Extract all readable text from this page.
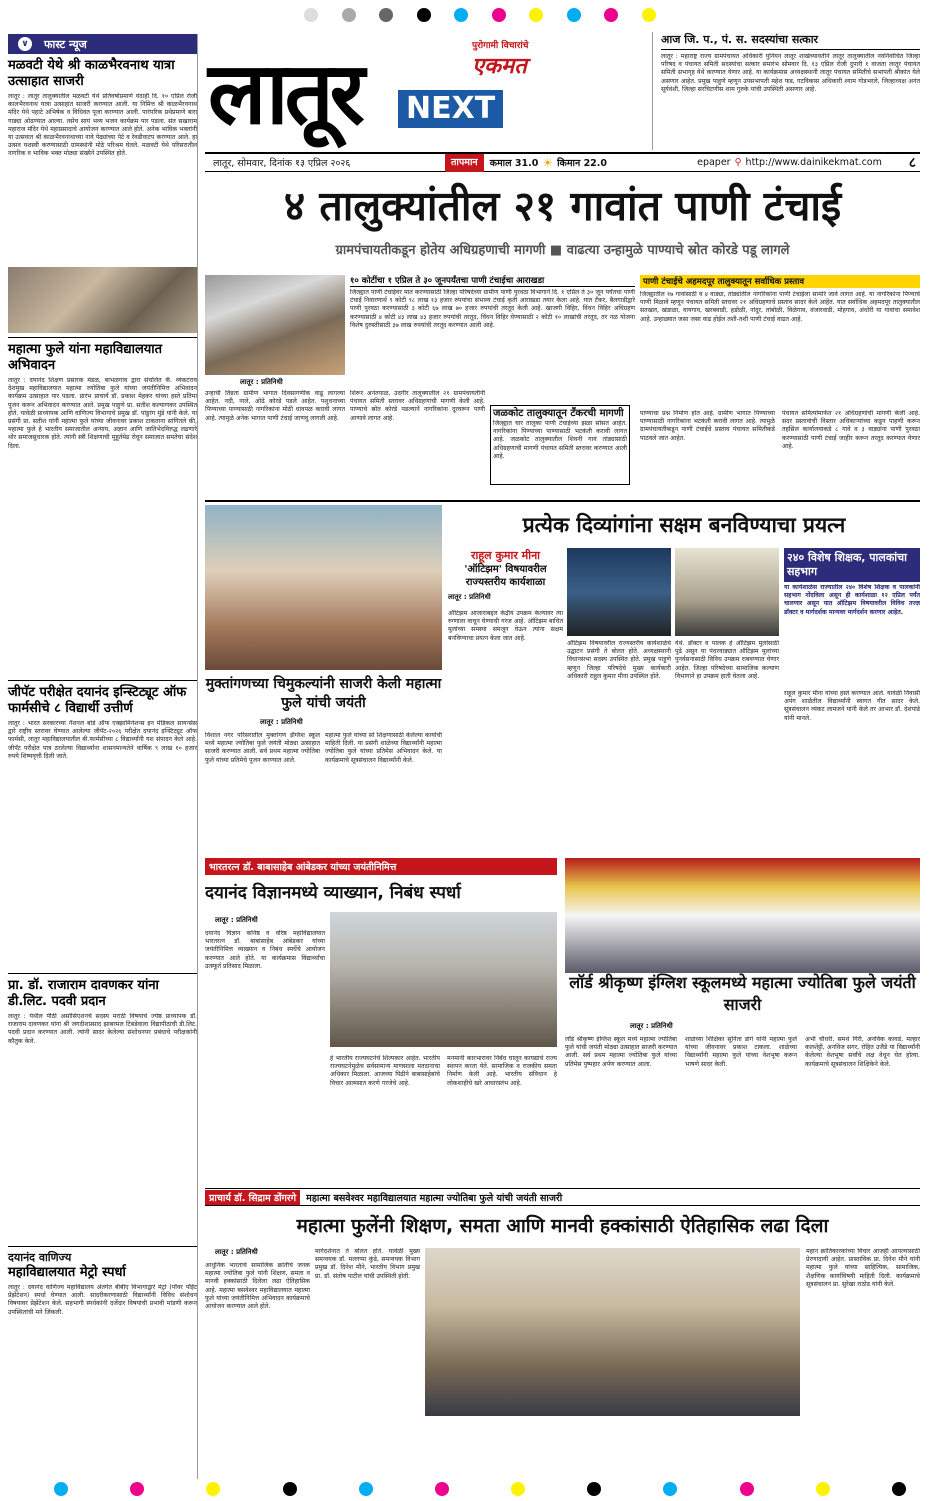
∨	फास्ट न्यूज
मळवटी येथे श्री काळभैरवनाथ यात्रा उत्साहात साजरी
लातूर : लातूर तालुक्यातील मळवटी येथे प्रतिवर्षाप्रमाणे यंदाही दि. १० एप्रिल रोजी कालभैरवनाथ यात्रा उत्साहात साजरी करण्यात आली. या निमित्त श्री काळभैरवनाथ मंदिर येथे पहाटे अभिषेक व विधिवत पूजा करण्यात आली. पारंपरिक प्रथेप्रमाणे बारा गाड्या ओढण्यात आल्या. तसेच सायं भव्य भजन कार्यक्रम पार पडला. संत सखाराम महाराज मंदिर येथे महाप्रसादाचे आयोजन करण्यात आले होते. अनेक भाविक भक्तांनी या उत्सवात श्री काळभैरवनाथाच्या नावे पेढ्यांच्या पेटे व रेवडीवाटप करण्यात आले. हा उत्सव यशस्वी करण्यासाठी ग्रामस्थांनी मोठे परिश्रम घेतले. मळवटी येथे परिसरातील नागरिक व भाविक भक्त मोठ्या संख्येने उपस्थित होते.
महात्मा फुले यांना महाविद्यालयात अभिवादन
लातूर : दयानंद शिक्षण प्रसारक मंडळ, बाभळगाव द्वारा संचलित कॅ. व्यंकटराव देशमुख महाविद्यालयात महात्मा ज्योतिबा फुले यांच्या जयंतीनिमित्त अभिवादन कार्यक्रम उत्साहात पार पडला. प्रारंभ प्राचार्य डॉ. प्रकाश मेहकर यांच्या हस्ते प्रतिमा पूजन करून अभिवादन करण्यात आले. प्रमुख पाहुणे प्रा. सतीश कल्याणकर उपस्थित होते. यावेळी प्राध्यापक आणि वाणिज्य विभागाचे प्रमुख डॉ. पांडुरंग मुंडे यांनी केले. या प्रसंगी प्रा. सतीश यांनी महात्मा फुले यांच्या जीवनावर प्रकाश टाकताना सांगितले की, महात्मा फुले हे भारतीय समाजातील अन्याय, अज्ञान आणि जातिभेदविरुद्ध लढणारे थोर समाजसुधारक होते. त्यांनी स्त्री शिक्षणाची मुहूर्तमेढ रोवून समाजात समतेचा संदेश दिला.
जीपॅट परीक्षेत दयानंद इन्स्टिट्यूट ऑफ फार्मसीचे ८ विद्यार्थी उत्तीर्ण
लातूर : भारत सरकारच्या नॅशनल बोर्ड ऑफ एक्झामिनेशन्स इन मेडिकल सायन्सेस द्वारे राष्ट्रीय स्तरावर घेण्यात आलेल्या जीपॅट-२०२६ परीक्षेत दयानंद इन्स्टिट्यूट ऑफ फार्मसी, लातूर महाविद्यालयातील बी.फार्मसीच्या ८ विद्यार्थ्यांनी यश संपादन केले आहे. जीपॅट परीक्षेत पात्र ठरलेल्या विद्यार्थ्यांना शासनमान्यतेने वार्षिक ९ लाख १० हजार रुपये शिष्यवृत्ती दिली जाते.
प्रा. डॉ. राजाराम दावणकर यांना डी.लिट. पदवी प्रदान
लातूर : येथील पीठी असोसिएशनचे सदस्य मराठी विषयाचे ज्येष्ठ प्राध्यापक डॉ. राजाराम दावणकर यांना श्री जगदीशप्रसाद झाबरमल टिबडेवाला विद्यापीठाची डी.लिट. पदवी प्रदान करण्यात आली. त्यांनी सादर केलेल्या संशोधनपर प्रबंधाचे परीक्षकांनी कौतुक केले.
दयानंद वाणिज्य
महाविद्यालयात मेट्रो स्पर्धा
लातूर : दयानंद वाणिज्य महाविद्यालय अंतर्गत बीबीए विभागाद्वारे मेट्रो (पॉवर पॉईंट प्रेझेंटेशन) स्पर्धा घेण्यात आली. सादरीकरणासाठी विद्यार्थ्यांनी विविध संशोधन विषयावर प्रेझेंटेशन केले. सहभागी स्पर्धकांनी दर्जेदार विषयांची प्रभावी मांडणी करून उपस्थितांची मने जिंकली.
लातूर	पुरोगामी विचारांचे
एकमत
NEXT
आज जि. प., पं. स. सदस्यांचा सत्कार
लातूर : महाराष्ट्र राज्य ग्रामपंचायत अधिकारी युनियन लातूर शाखेच्यावतीने लातूर तालुक्यातील नवनिर्वाचित जिल्हा परिषद व पंचायत समिती सदस्यांचा सत्कार समारंभ सोमवार दि. १३ एप्रिल रोजी दुपारी १ वाजता लातूर पंचायत समिती सभागृह येथे करण्यात येणार आहे. या कार्यक्रमास अध्यक्षस्थानी लातूर पंचायत समितीचे सभापती श्रीकांत येले असणार आहेत. प्रमुख पाहुणे म्हणून उपसभापती महेश फड, गटविकास अधिकारी श्याम गोडभरले, जिल्हाध्यक्ष अनंत सूर्यवंशी, जिल्हा सरचिटणीस शाम गुरुके यांची उपस्थिती असणार आहे.
लातूर, सोमवार, दिनांक १३ एप्रिल २०२६	तापमान	कमाल 31.0 ☀ किमान 22.0	epaper ⚲ http://www.dainikekmat.com	८
४ तालुक्यांतील २१ गावांत पाणी टंचाई
ग्रामपंचायतीकडून होतेय अधिग्रहणाची मागणी ■ वाढत्या उन्हामुळे पाण्याचे स्रोत कोरडे पडू लागले
लातूर : प्रतिनिधी
१० कोटींचा १ एप्रिल ते ३० जूनपर्यंतचा पाणी टंचाईचा आराखडा
जिल्ह्यात पाणी टंचाईवर मात करण्यासाठी जिल्हा परिषदेच्या ग्रामीण पाणी पुरवठा विभागाने दि. १ एप्रिल ते ३० जून पर्यंतचा पाणी टंचाई निवारणार्थ ९ कोटी ९८ लाख १३ हजार रुपयांचा संभाव्य टंचाई कृती आराखडा तयार केला आहे. यात टँकर, बैलगाडीद्वारे पाणी पुरवठा करण्यासाठी ३ कोटी ६७ लाख ७० हजार रुपयांची तरतूद केली आहे. खाजगी विहिर, विंधन विहिर अधिग्रहण करण्यासाठी ४ कोटी ४३ लाख ४३ हजार रुपयांची तरतूद, विंधन विहिर घेण्यासाठी २ कोटी १० लाखांची तरतूद, तर नळ योजना विशेष दुरुस्तीसाठी ३७ लाख रुपयांची तरतूद करण्यात आली आहे.
पाणी टंचाईचे अहमदपूर तालुक्यातून सर्वाधिक प्रस्ताव
जिल्ह्यातील १७ गावांसाठी व ४ वाड्या, तांड्यांतील नागरिकांना पाणी टंचाईला सामोरे जावे लागत आहे. या नागरिकांना पिण्याचे पाणी मिळावे म्हणून पंचायत समिती स्तरावर २१ अधिग्रहणाचे प्रस्ताव सादर केले आहेत. यात सर्वाधिक अहमदपूर तालुक्यातील सतखल, खंडाळा, वायगाव, खरबवाडी, हडोळी, नांदूर, तांबोळी, विळेगाव, वंजारवाडी, मोहगाव, अंधोरी या गावांचा समावेश आहे. उन्हाळ्यात जसा जसा वाढ होईल तशी-तशी पाणी टंचाई वाढत आहे.
उन्हाची तिव्रता ग्रामीण भागात दिवसागणीक वाढू लागल्या आहेत. नदी, नाले, ओढे कोरडे पडले आहेत. पशुधनाच्या पिण्याच्या पाण्यासाठी नागरिकांना मोठी धावपळ करावी लागत आहे. त्यामुळे अनेक भागात पाणी टंचाई जाणवू लागली आहे.
शिरूर अनंतपाळ, उदगीर तालुक्यातील २१ ग्रामपंचायतींनी पंचायत समिती स्तरावर अधिग्रहणाची मागणी केली आहे. पाण्याचे स्रोत कोरडे पडल्याने नागरिकांना दूरवरून पाणी आणावे लागत आहे.	जळकोट तालुक्यातून टँकरची मागणी
जिल्ह्यात चार तालुका पाणी टंचाईच्या झळा सोसत आहेत. नागरिकांना पिण्याच्या पाण्यासाठी भटकंती करावी लागत आहे. जळकोट तालुक्यातील शिवनी गावं तांड्यासाठी अधिग्रहणाची मागणी पंचायत समिती स्तरावर करण्यात आली आहे.
पाण्याचा प्रश्न निर्माण होत आहे. ग्रामीण भागात पिण्याच्या पाण्यासाठी नागरिकांना भटकंती करावी लागत आहे. त्यामुळे ग्रामपंचायतीकडून पाणी टंचाईचे प्रस्ताव पंचायत समितीकडे पाठवले जात आहेत.
पंचायत समित्यांमार्फत २१ अधिग्रहणांची मागणी केली आहे. सदर प्रस्तावांची विस्तार अधिकाऱ्यांच्या कडून पाहणी करून तहसिल कार्यालयाकडे ८ गावे व ३ वाड्यांना पाणी पुरवठा करण्यासाठी पाणी टंचाई जाहीर करून तरतूद करण्यात येणार आहे.
मुक्तांगणच्या चिमुकल्यांनी साजरी केली महात्मा फुले यांची जयंती
लातूर : प्रतिनिधी
विशाल नगर परिसरातील मुक्तांगण इंग्लिश स्कूल मध्ये महात्मा ज्योतिबा फुले जयंती मोठ्या उत्साहात साजरी करण्यात आली. सर्व प्रथम महात्मा ज्योतिबा फुले यांच्या प्रतिमेचे पूजन करण्यात आले.
महात्मा फुले यांच्या सो शिक्षणासाठी केलेल्या कार्याची माहिती दिली. या प्रसंगी शाळेच्या विद्यार्थ्यांनी महात्मा ज्योतिबा फुले यांच्या प्रतिमेस अभिवादन केले. या कार्यक्रमाचे सूत्रसंचालन विद्यार्थ्यांनी केले.
प्रत्येक दिव्यांगांना सक्षम बनविण्याचा प्रयत्न
राहूल कुमार मीना
'ऑटिझम' विषयावरील राज्यस्तरीय कार्यशाळा
लातूर : प्रतिनिधी
२४० विशेष शिक्षक, पालकांचा सहभाग
या कार्यशाळेस राज्यातील २४० विशेष शिक्षक व पालकांनी सहभाग नोंदविला असून ही कार्यशाळा १२ एप्रिल पर्यंत चालणार असून यात ऑटिझम विषयावरील विविध तज्ज्ञ डॉक्टर व मार्गदर्शक मान्यवर मार्गदर्शन करणार आहेत.
ऑटिझम आजाराबद्दल केंद्रीय उपक्रम केल्यावर त्या रुग्णाला वाचून घेण्याची गरज आहे. ऑटिझम बाधित मुलांच्या समस्या समजून घेऊन त्यांना सक्षम बनविण्याचा प्रयत्न केला जात आहे.
ऑटिझम विषयावरील राज्यस्तरीय कार्यशाळेचे उद्घाटन प्रसंगी ते बोलत होते. अध्यक्षस्थानी विधानसभा सदस्य उपस्थित होते. प्रमुख पाहुणे म्हणून जिल्हा परिषदेचे मुख्य कार्यकारी अधिकारी राहुल कुमार मीना उपस्थित होते.
येथे. डॉक्टर व पालक हे ऑटिझम मुलांसाठी पुढे असून या पंधरवाड्यात ऑटिझम मुलांच्या पुनर्वसनासाठी विविध उपक्रम राबवण्यात येणार आहेत. जिल्हा परिषदेच्या सामाजिक कल्याण विभागाने हा उपक्रम हाती घेतला आहे.
राहूल कुमार मीना यांच्या हस्ते करण्यात आले. यावेळी निवासी अपंग शाळेतील विद्यार्थ्यांनी स्वागत गीत सादर केले. सूत्रसंचालन व्यंकट लामजने यांनी केले तर आभार डॉ. देशपांडे यांनी मानले.
भारतरत्न डॉ. बाबासाहेब आंबेडकर यांच्या जयंतीनिमित्त
दयानंद विज्ञानमध्ये व्याख्यान, निबंध स्पर्धा
लातूर : प्रतिनिधी
दयानंद विज्ञान कनिष्ठ व वरिष्ठ महाविद्यालयात भारतरत्न डॉ. बाबासाहेब आंबेडकर यांच्या जयंतीनिमित्त व्याख्यान व निबंध स्पर्धेचे आयोजन करण्यात आले होते. या कार्यक्रमास विद्यार्थ्यांचा उत्स्फूर्त प्रतिसाद मिळाला.
हे भारतीय राज्यघटनेचे शिल्पकार आहेत. भारतीय राज्यघटनेमुळेच सर्वसामान्य माणसाला मतदानाचा अधिकार मिळाला. आजच्या पिढीने बाबासाहेबांचे विचार आत्मसात करणे गरजेचे आहे.
मनमानी कारभारावर निर्बंध घालून कायद्याचे राज्य स्थापन करता येते. सामाजिक व राजकीय समता निर्माण केली आहे. भारतीय संविधान हे लोकशाहीचे खरे आधारस्तंभ आहे.
लॉर्ड श्रीकृष्ण इंग्लिश स्कूलमध्ये महात्मा ज्योतिबा फुले जयंती साजरी
लातूर : प्रतिनिधी
लॉर्ड श्रीकृष्ण इंग्लिश स्कूल मध्ये महात्मा ज्योतिबा फुले यांची जयंती मोठ्या उत्साहात साजरी करण्यात आली. सर्व प्रथम महात्मा ज्योतिबा फुले यांच्या प्रतिमेस पुष्पहार अर्पण करण्यात आला.
शाळेच्या शिक्षिका सुनिता डांगे यांनी महात्मा फुले यांच्या जीवनावर प्रकाश टाकला. शाळेच्या विद्यार्थ्यांनी महात्मा फुले यांच्या वेशभूषा करून भाषणे सादर केली.
अभी चौधरी, समर्थ गिरी, अनविक कावडे, मल्हार कलशेट्टी, अनविज सगर, रोहित उजैडे या विद्यार्थ्यांनी केलेल्या वेशभूषा सर्वांचे लक्ष वेधून घेत होत्या. कार्यक्रमाचे सूत्रसंचालन शिक्षिकेने केले.
प्राचार्य डॉ. सिद्राम डोंगरगे	महात्मा बसवेश्वर महाविद्यालयात महात्मा ज्योतिबा फुले यांची जयंती साजरी
महात्मा फुलेंनी शिक्षण, समता आणि मानवी हक्कांसाठी ऐतिहासिक लढा दिला
लातूर : प्रतिनिधी
आधुनिक भारताचे सामाजिक क्रांतीचे जनक महात्मा ज्योतिबा फुले यांनी शिक्षण, समता व मानवी हक्कांसाठी दिलेला लढा ऐतिहासिक आहे. महात्मा बसवेश्वर महाविद्यालयात महात्मा फुले यांच्या जयंतीनिमित्त अभिवादन कार्यक्रमाचे आयोजन करण्यात आले होते.
मार्गदर्शनात ते बोलत होते. यावेळी मुख्य समन्वयक डॉ. मल्लप्पा कुंडे, समन्वयक विभाग प्रमुख डॉ. दिनेश मौने, भारतीय विभाग प्रमुख प्रा. डॉ. संतोष पाटील यांची उपस्थिती होती.
महान क्रांतिकारकांच्या विचार आजही आपल्यासाठी प्रेरणादायी आहेत. प्रास्ताविक प्रा. दिनेश मौने यांनी महात्मा फुले यांच्या साहित्यिक, सामाजिक, शैक्षणिक कार्याविषयी माहिती दिली. कार्यक्रमाचे सूत्रसंचालन प्रा. सुरेखा राठोड यांनी केले.
